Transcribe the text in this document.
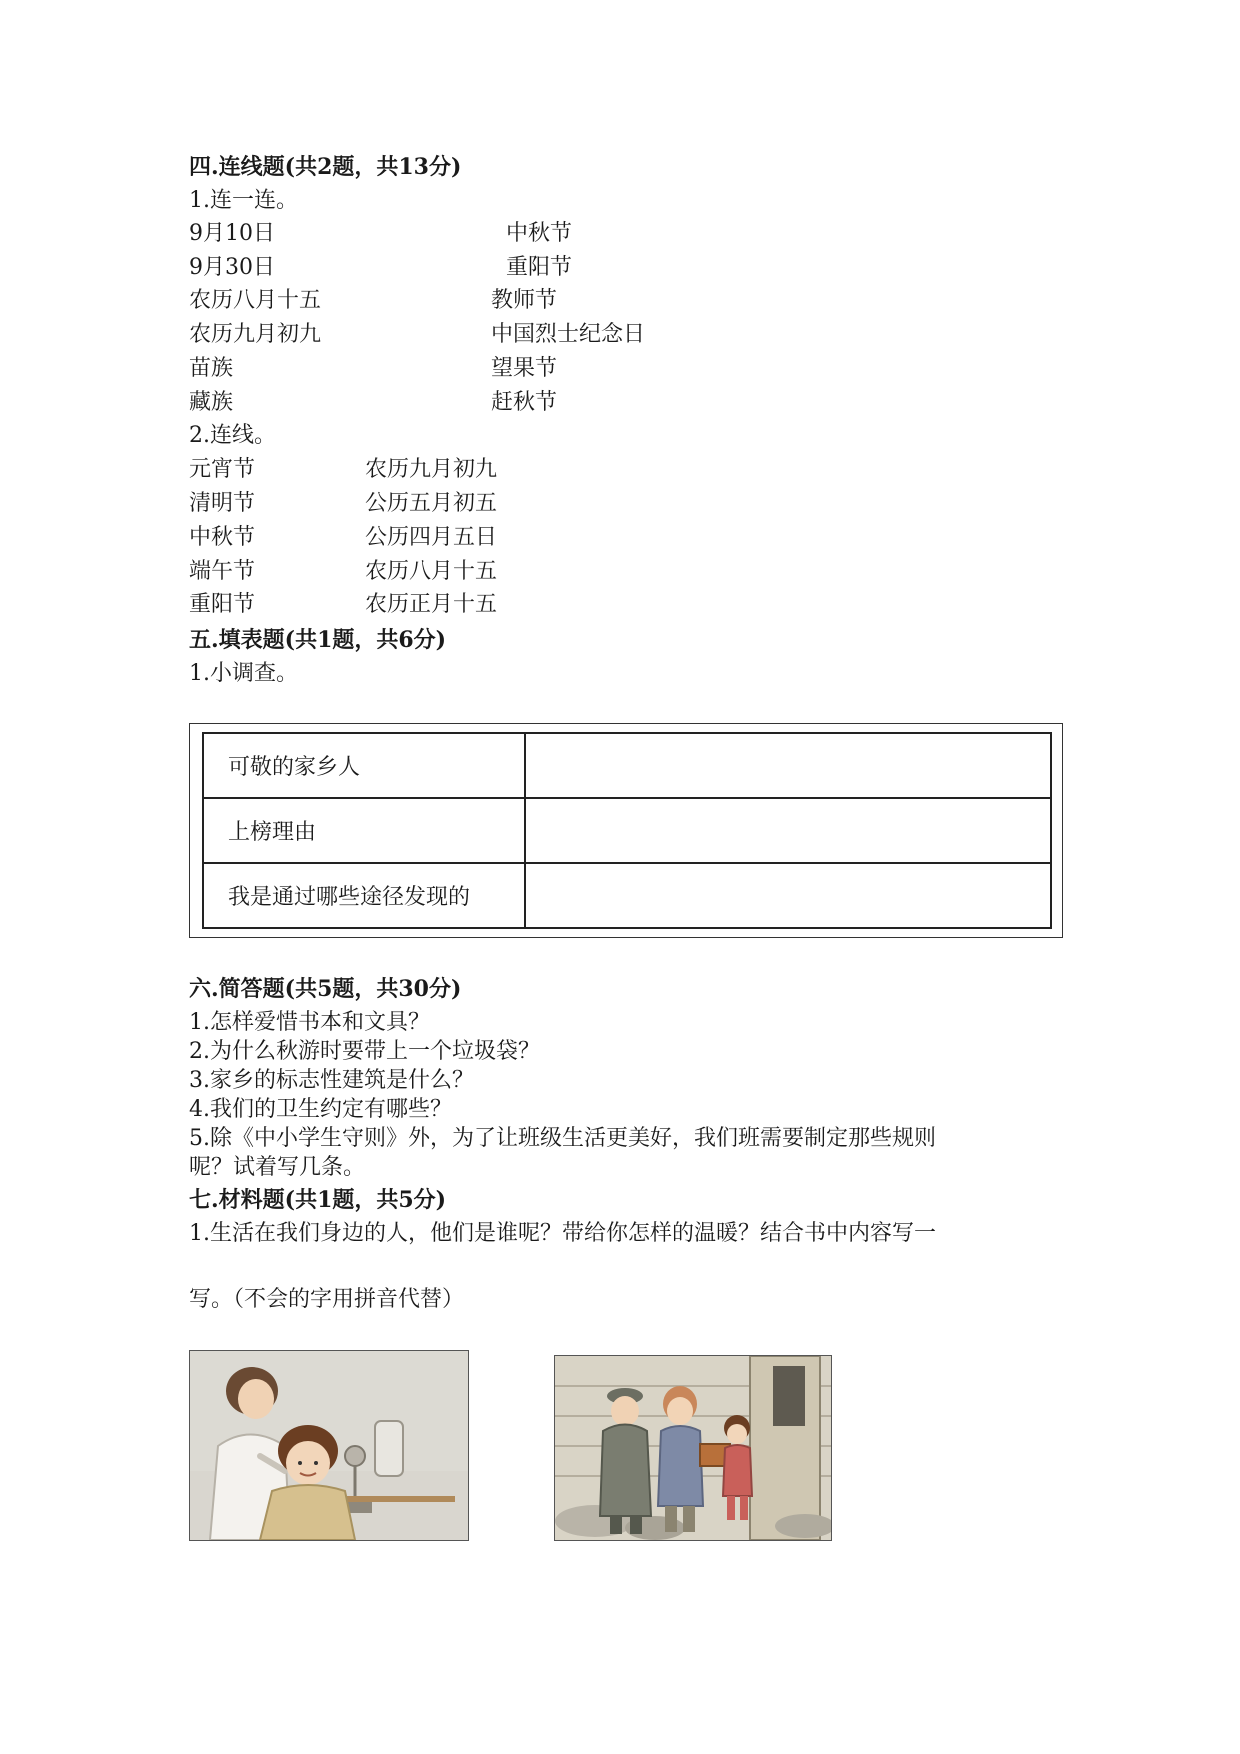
四.连线题(共2题，共13分)
1.连一连。
9月10日	中秋节
9月30日	重阳节
农历八月十五	教师节
农历九月初九	中国烈士纪念日
苗族	望果节
藏族	赶秋节
2.连线。
元宵节	农历九月初九
清明节	公历五月初五
中秋节	公历四月五日
端午节	农历八月十五
重阳节	农历正月十五
五.填表题(共1题，共6分)
1.小调查。
可敬的家乡人	
上榜理由	
我是通过哪些途径发现的	
六.简答题(共5题，共30分)
1.怎样爱惜书本和文具？
2.为什么秋游时要带上一个垃圾袋？
3.家乡的标志性建筑是什么？
4.我们的卫生约定有哪些？
5.除《中小学生守则》外，为了让班级生活更美好，我们班需要制定那些规则
呢？试着写几条。
七.材料题(共1题，共5分)
1.生活在我们身边的人，他们是谁呢？带给你怎样的温暖？结合书中内容写一
写。（不会的字用拼音代替）
